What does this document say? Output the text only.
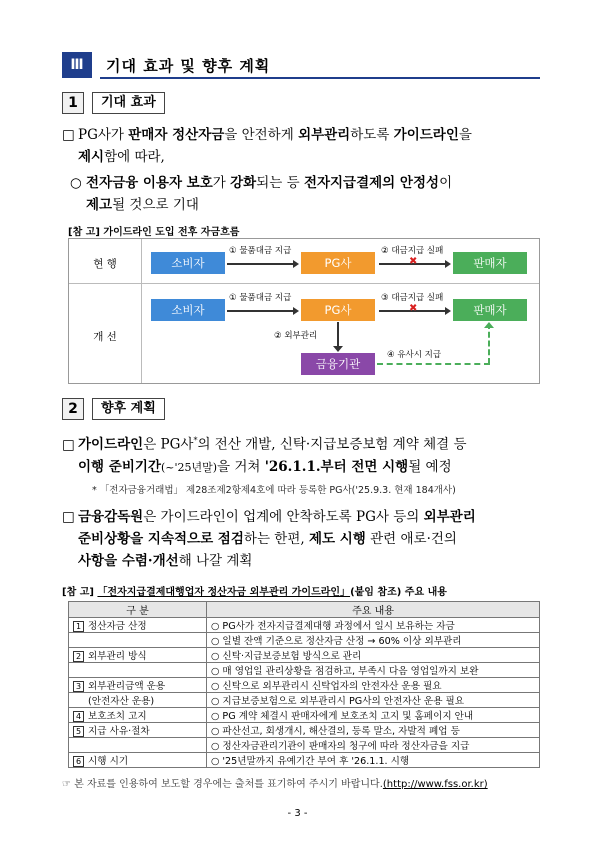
Ⅲ	기대 효과 및 향후 계획
1	기대 효과
□ PG사가 판매자 정산자금을 안전하게 외부관리하도록 가이드라인을
제시함에 따라,
○ 전자금융 이용자 보호가 강화되는 등 전자지급결제의 안정성이
제고될 것으로 기대
[참 고] 가이드라인 도입 전후 자금흐름
현 행
개 선
소비자
① 물품대금 지급
PG사
② 대금지급 실패
✖	판매자
소비자
① 물품대금 지급
PG사
③ 대금지급 실패
✖	판매자
② 외부관리
금융기관
④ 유사시 지급
2	향후 계획
□ 가이드라인은 PG사*의 전산 개발, 신탁·지급보증보험 계약 체결 등
이행 준비기간(~'25년말)을 거쳐 '26.1.1.부터 전면 시행될 예정
* 「전자금융거래법」 제28조제2항제4호에 따라 등록한 PG사('25.9.3. 현재 184개사)
□ 금융감독원은 가이드라인이 업계에 안착하도록 PG사 등의 외부관리
준비상황을 지속적으로 점검하는 한편, 제도 시행 관련 애로·건의
사항을 수렴·개선해 나갈 계획
[참 고] 「전자지급결제대행업자 정산자금 외부관리 가이드라인」(붙임 참조) 주요 내용
구 분	주요 내용
1 정산자금 산정	○ PG사가 전자지급결제대행 과정에서 일시 보유하는 자금
	○ 일별 잔액 기준으로 정산자금 산정 → 60% 이상 외부관리
2 외부관리 방식	○ 신탁·지급보증보험 방식으로 관리
	○ 매 영업일 관리상황을 점검하고, 부족시 다음 영업일까지 보완
3 외부관리금액 운용	○ 신탁으로 외부관리시 신탁업자의 안전자산 운용 필요
(안전자산 운용)	○ 지급보증보험으로 외부관리시 PG사의 안전자산 운용 필요
4 보호조치 고지	○ PG 계약 체결시 판매자에게 보호조치 고지 및 홈페이지 안내
5 지급 사유·절차	○ 파산선고, 회생개시, 해산결의, 등록 말소, 자발적 폐업 등
	○ 정산자금관리기관이 판매자의 청구에 따라 정산자금을 지급
6 시행 시기	○ '25년말까지 유예기간 부여 후 '26.1.1. 시행
☞ 본 자료를 인용하여 보도할 경우에는 출처를 표기하여 주시기 바랍니다.(http://www.fss.or.kr)
- 3 -
